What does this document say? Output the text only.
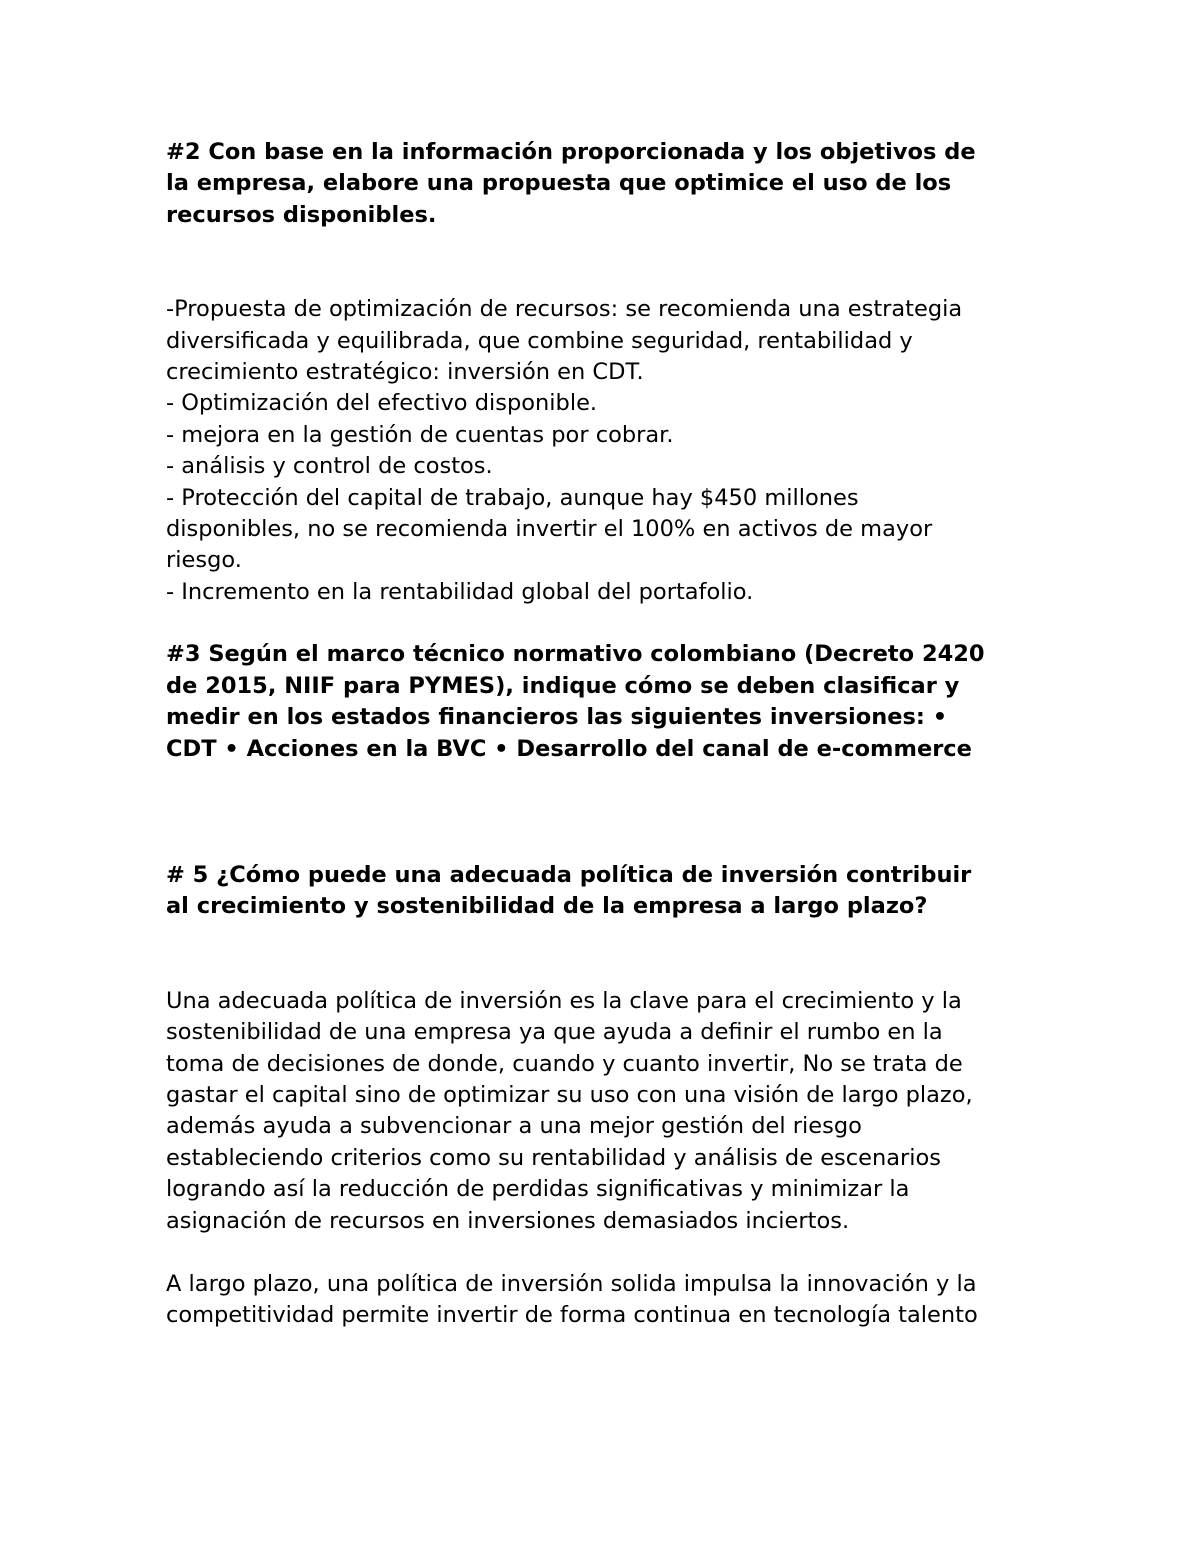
#2 Con base en la información proporcionada y los objetivos de
la empresa, elabore una propuesta que optimice el uso de los
recursos disponibles.

-Propuesta de optimización de recursos: se recomienda una estrategia
diversificada y equilibrada, que combine seguridad, rentabilidad y
crecimiento estratégico: inversión en CDT.
- Optimización del efectivo disponible.
- mejora en la gestión de cuentas por cobrar.
- análisis y control de costos.
- Protección del capital de trabajo, aunque hay $450 millones
disponibles, no se recomienda invertir el 100% en activos de mayor
riesgo.
- Incremento en la rentabilidad global del portafolio.

#3 Según el marco técnico normativo colombiano (Decreto 2420
de 2015, NIIF para PYMES), indique cómo se deben clasificar y
medir en los estados financieros las siguientes inversiones: •
CDT • Acciones en la BVC • Desarrollo del canal de e-commerce

# 5 ¿Cómo puede una adecuada política de inversión contribuir
al crecimiento y sostenibilidad de la empresa a largo plazo?

Una adecuada política de inversión es la clave para el crecimiento y la
sostenibilidad de una empresa ya que ayuda a definir el rumbo en la
toma de decisiones de donde, cuando y cuanto invertir, No se trata de
gastar el capital sino de optimizar su uso con una visión de largo plazo,
además ayuda a subvencionar a una mejor gestión del riesgo
estableciendo criterios como su rentabilidad y análisis de escenarios
logrando así la reducción de perdidas significativas y minimizar la
asignación de recursos en inversiones demasiados inciertos.

A largo plazo, una política de inversión solida impulsa la innovación y la
competitividad permite invertir de forma continua en tecnología talento
